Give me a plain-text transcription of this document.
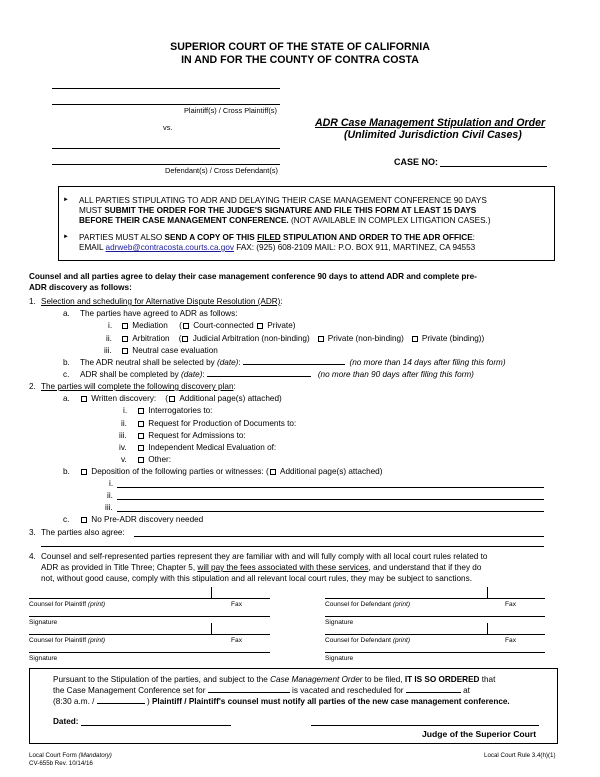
SUPERIOR COURT OF THE STATE OF CALIFORNIA
IN AND FOR THE COUNTY OF CONTRA COSTA
Plaintiff(s) / Cross Plaintiff(s)
vs.
Defendant(s) / Cross Defendant(s)
ADR Case Management Stipulation and Order
(Unlimited Jurisdiction Civil Cases)
CASE NO:
► ALL PARTIES STIPULATING TO ADR AND DELAYING THEIR CASE MANAGEMENT CONFERENCE 90 DAYS
MUST SUBMIT THE ORDER FOR THE JUDGE'S SIGNATURE AND FILE THIS FORM AT LEAST 15 DAYS
BEFORE THEIR CASE MANAGEMENT CONFERENCE. (NOT AVAILABLE IN COMPLEX LITIGATION CASES.)
► PARTIES MUST ALSO SEND A COPY OF THIS FILED STIPULATION AND ORDER TO THE ADR OFFICE:
EMAIL adrweb@contracosta.courts.ca.gov FAX: (925) 608-2109 MAIL: P.O. BOX 911, MARTINEZ, CA 94553
Counsel and all parties agree to delay their case management conference 90 days to attend ADR and complete pre-
ADR discovery as follows:
1. Selection and scheduling for Alternative Dispute Resolution (ADR):
a. The parties have agreed to ADR as follows:
i.	Mediation     ( Court-connected Private)
ii.	Arbitration    ( Judicial Arbitration (non-binding) Private (non-binding) Private (binding))
iii.	Neutral case evaluation
b. The ADR neutral shall be selected by (date):	(no more than 14 days after filing this form)
c. ADR shall be completed by (date):	(no more than 90 days after filing this form)
2. The parties will complete the following discovery plan:
a.	Written discovery:    ( Additional page(s) attached)
i.	Interrogatories to:
ii.	Request for Production of Documents to:
iii.	Request for Admissions to:
iv.	Independent Medical Evaluation of:
v.	Other:
b.	Deposition of the following parties or witnesses: ( Additional page(s) attached)
i.
ii.
iii.
c.	No Pre-ADR discovery needed
3. The parties also agree:
4. Counsel and self-represented parties represent they are familiar with and will fully comply with all local court rules related to
ADR as provided in Title Three; Chapter 5, will pay the fees associated with these services, and understand that if they do
not, without good cause, comply with this stipulation and all relevant local court rules, they may be subject to sanctions.
Counsel for Plaintiff (print)	Fax
Signature
Counsel for Plaintiff (print)	Fax
Signature
Counsel for Defendant (print)	Fax
Signature
Counsel for Defendant (print)	Fax
Signature
Pursuant to the Stipulation of the parties, and subject to the Case Management Order to be filed, IT IS SO ORDERED that
the Case Management Conference set for	is vacated and rescheduled for	at
(8:30 a.m. /	) Plaintiff / Plaintiff's counsel must notify all parties of the new case management conference.
Dated:
Judge of the Superior Court
Local Court Form (Mandatory)
CV-655b Rev. 10/14/16
Local Court Rule 3.4(h)(1)
